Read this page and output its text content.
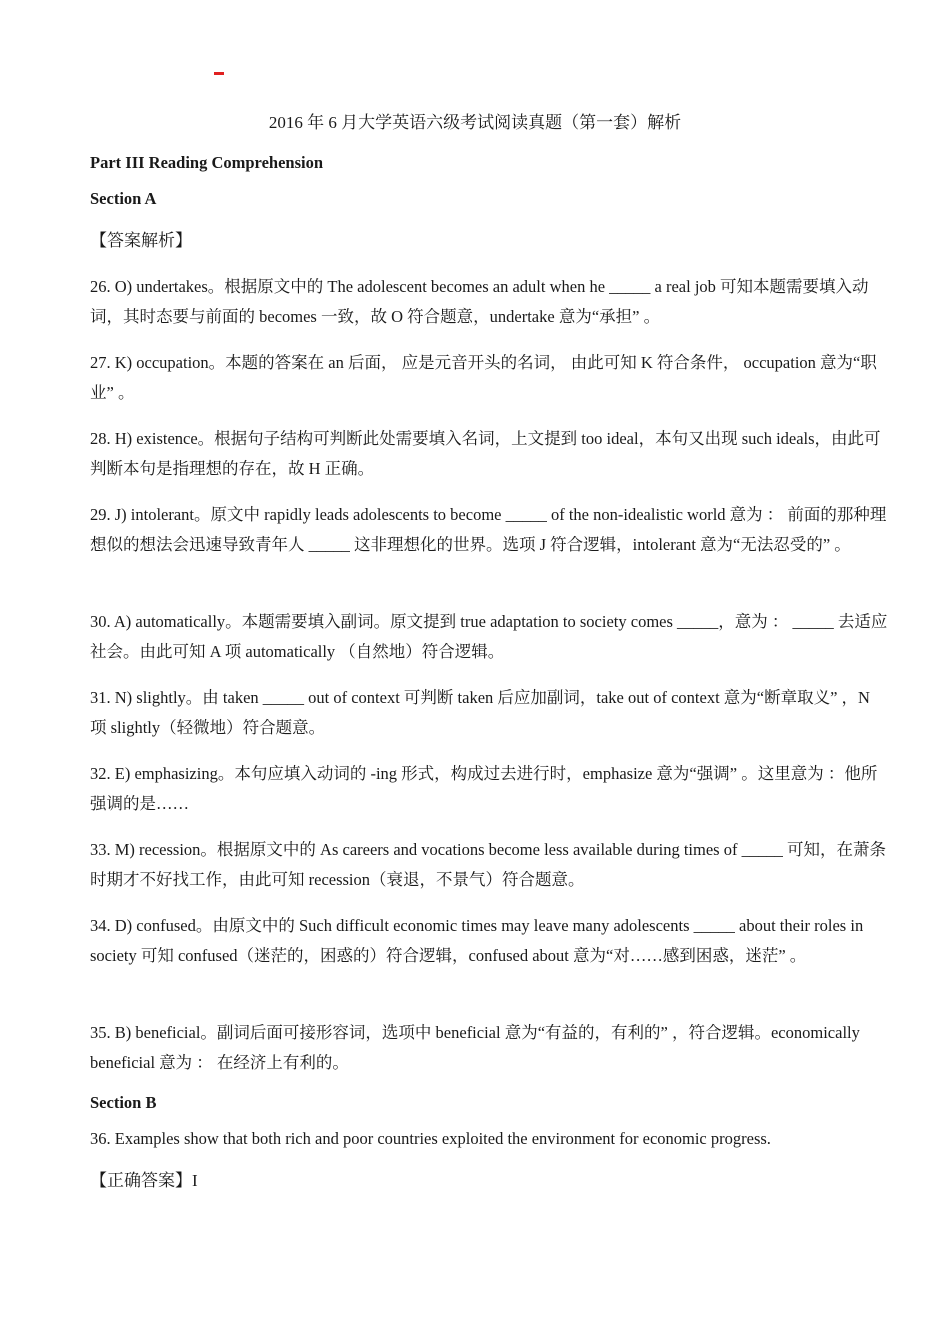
2016 年 6 月大学英语六级考试阅读真题（第一套）解析
Part III Reading Comprehension
Section A
【答案解析】
26. O) undertakes。根据原文中的 The adolescent becomes an adult when he _____ a real job 可知本题需要填入动词，其时态要与前面的 becomes 一致，故 O 符合题意，undertake 意为“承担” 。
27. K) occupation。本题的答案在 an 后面， 应是元音开头的名词， 由此可知 K 符合条件， occupation 意为“职业” 。
28. H) existence。根据句子结构可判断此处需要填入名词，上文提到 too ideal，本句又出现 such ideals，由此可判断本句是指理想的存在，故 H 正确。
29. J) intolerant。原文中 rapidly leads adolescents to become _____ of the non-idealistic world 意为 ： 前面的那种理想似的想法会迅速导致青年人 _____ 这非理想化的世界。选项 J 符合逻辑，intolerant 意为“无法忍受的” 。
30. A) automatically。本题需要填入副词。原文提到 true adaptation to society comes _____，意为 ： _____ 去适应社会。由此可知 A 项 automatically （自然地）符合逻辑。
31. N) slightly。由 taken _____ out of context 可判断 taken 后应加副词，take out of context 意为“断章取义” ，N 项 slightly（轻微地）符合题意。
32. E) emphasizing。本句应填入动词的 -ing 形式，构成过去进行时，emphasize 意为“强调” 。这里意为 ：他所强调的是……
33. M) recession。根据原文中的 As careers and vocations become less available during times of _____ 可知，在萧条时期才不好找工作，由此可知 recession（衰退，不景气）符合题意。
34. D) confused。由原文中的 Such difficult economic times may leave many adolescents _____ about their roles in society 可知 confused（迷茫的，困惑的）符合逻辑，confused about 意为“对……感到困惑，迷茫” 。
35. B) beneficial。副词后面可接形容词，选项中 beneficial 意为“有益的，有利的” ，符合逻辑。economically beneficial 意为 ： 在经济上有利的。
Section B
36. Examples show that both rich and poor countries exploited the environment for economic progress.
【正确答案】I
